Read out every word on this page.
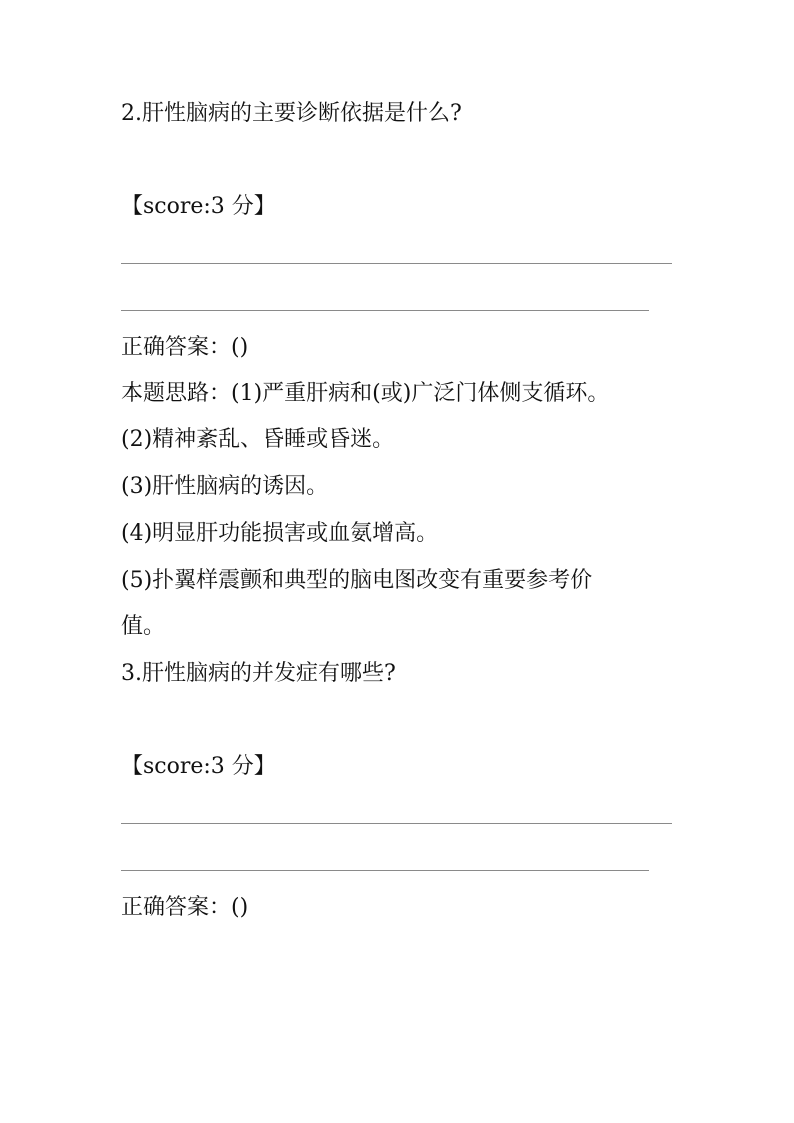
2.肝性脑病的主要诊断依据是什么?
【score:3 分】
正确答案：()
本题思路：(1)严重肝病和(或)广泛门体侧支循环。
(2)精神紊乱、昏睡或昏迷。
(3)肝性脑病的诱因。
(4)明显肝功能损害或血氨增高。
(5)扑翼样震颤和典型的脑电图改变有重要参考价
值。
3.肝性脑病的并发症有哪些?
【score:3 分】
正确答案：()
